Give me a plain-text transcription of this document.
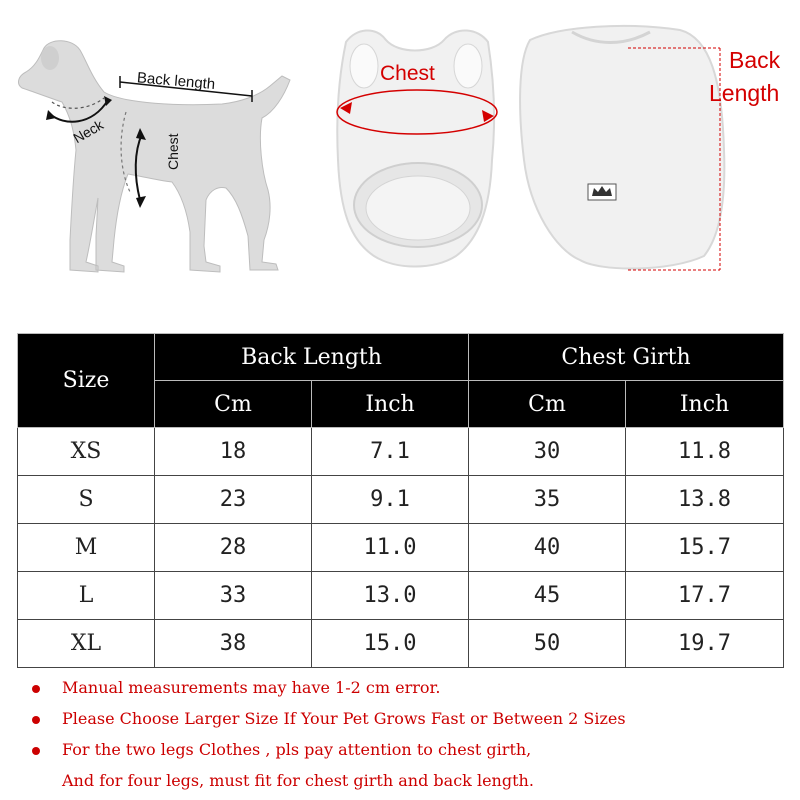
Back length
Neck
Chest
Chest
Back
Length
Size	Back Length		Chest Girth	
	Cm	Inch	Cm	Inch
XS	18	7.1	30	11.8
S	23	9.1	35	13.8
M	28	11.0	40	15.7
L	33	13.0	45	17.7
XL	38	15.0	50	19.7
Manual measurements may have 1-2 cm error.
Please Choose Larger Size If Your Pet Grows Fast or Between 2 Sizes
For the two legs Clothes , pls pay attention to chest girth,
And for four legs, must fit for chest girth and back length.
